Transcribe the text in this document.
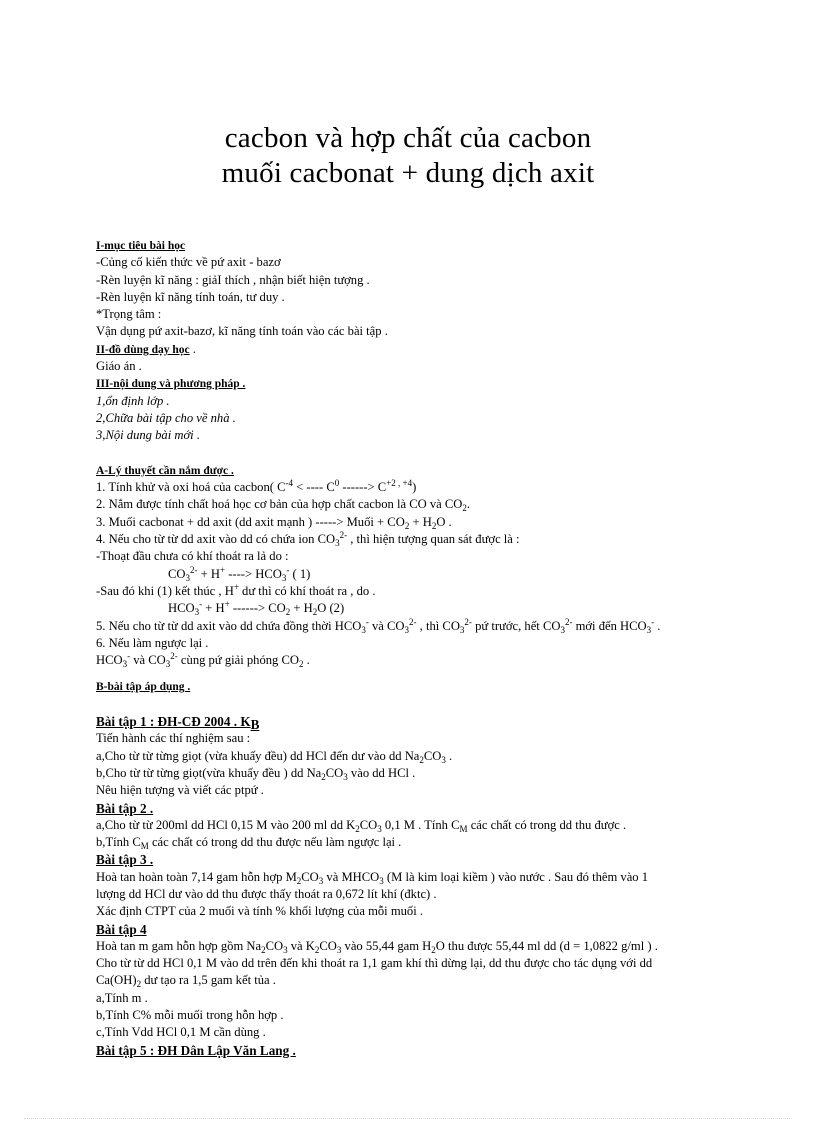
cacbon và hợp chất của cacbon
muối cacbonat + dung dịch axit
I-mục tiêu bài học
-Củng cố kiến thức về pứ axit - bazơ
-Rèn luyện kĩ năng : giảI thích , nhận biết hiện tượng .
-Rèn luyện kĩ năng tính toán, tư duy .
*Trọng tâm :
Vận dụng pứ axit-bazơ, kĩ năng tính toán vào các bài tập .
II-đồ dùng dạy học .
Giáo án .
III-nội dung và phương pháp .
1,ổn định lớp .
2,Chữa bài tập cho về nhà .
3,Nội dung bài mới .
A-Lý thuyết cần nắm được .
1. Tính khử và oxi hoá của cacbon( $C^{-4}$ < ---- $C^0$ ------> $C^{+2 , +4}$)
2. Nắm được tính chất hoá học cơ bản của hợp chất cacbon là CO và $CO_2$.
3. Muối cacbonat + dd axit (dd axit mạnh ) -----> Muối + $CO_2 + H_2O$ .
4. Nếu cho từ từ dd axit vào dd có chứa ion $CO_3^{2-}$ , thì hiện tượng quan sát được là :
-Thoạt đầu chưa có khí thoát ra lả do :
$CO_3^{2-} + H^+$ ----> $HCO_3^-$ ( 1)
-Sau đó khi (1) kết thúc , H+ dư thì có khí thoát ra , do .
$HCO_3^- + H^+$ ------> $CO_2 + H_2O$ (2)
5. Nếu cho từ từ dd axit vào dd chứa đồng thời $HCO_3^-$ và $CO_3^{2-}$ , thì $CO_3^{2-}$ pứ trước, hết $CO_3^{2-}$ mới đến $HCO_3^-$ .
6. Nếu làm ngược lại .
$HCO_3^-$ và $CO_3^{2-}$ cùng pứ giải phóng $CO_2$ .
B-bài tập áp dụng .
Bài tập 1 : ĐH-CĐ 2004 . $K_B$
Tiến hành các thí nghiệm sau :
a,Cho từ từ từng giọt (vừa khuấy đều) dd HCl đến dư vào dd $Na_2CO_3$ .
b,Cho từ từ từng giọt(vừa khuấy đều ) dd $Na_2CO_3$ vào dd HCl .
Nêu hiện tượng và viết các ptpứ .
Bài tập 2 .
a,Cho từ từ 200ml dd HCl 0,15 M vào 200 ml dd $K_2CO_3$ 0,1 M . Tính $C_M$ các chất có trong dd thu được .
b,Tính $C_M$ các chất có trong dd thu được nếu làm ngược lại .
Bài tập 3 .
Hoà tan hoàn toàn 7,14 gam hỗn hợp $M_2CO_3$ và $MHCO_3$ (M là kim loại kiềm ) vào nước . Sau đó thêm vào 1
lượng dd HCl dư vào dd thu được thấy thoát ra 0,672 lít khí (đktc) .
Xác định CTPT của 2 muối và tính % khối lượng của mỗi muối .
Bài tập 4
Hoà tan m gam hỗn hợp gồm $Na_2CO_3$ và $K_2CO_3$ vào 55,44 gam $H_2O$ thu được 55,44 ml dd (d = 1,0822 g/ml ) .
Cho từ từ dd HCl 0,1 M vào dd trên đến khi thoát ra 1,1 gam khí thì dừng lại, dd thu được cho tác dụng với dd
$Ca(OH)_2$ dư tạo ra 1,5 gam kết tủa .
a,Tính m .
b,Tính C% mỗi muối trong hỗn hợp .
c,Tính Vdd HCl 0,1 M cần dùng .
Bài tập 5 : ĐH Dân Lập Văn Lang .
